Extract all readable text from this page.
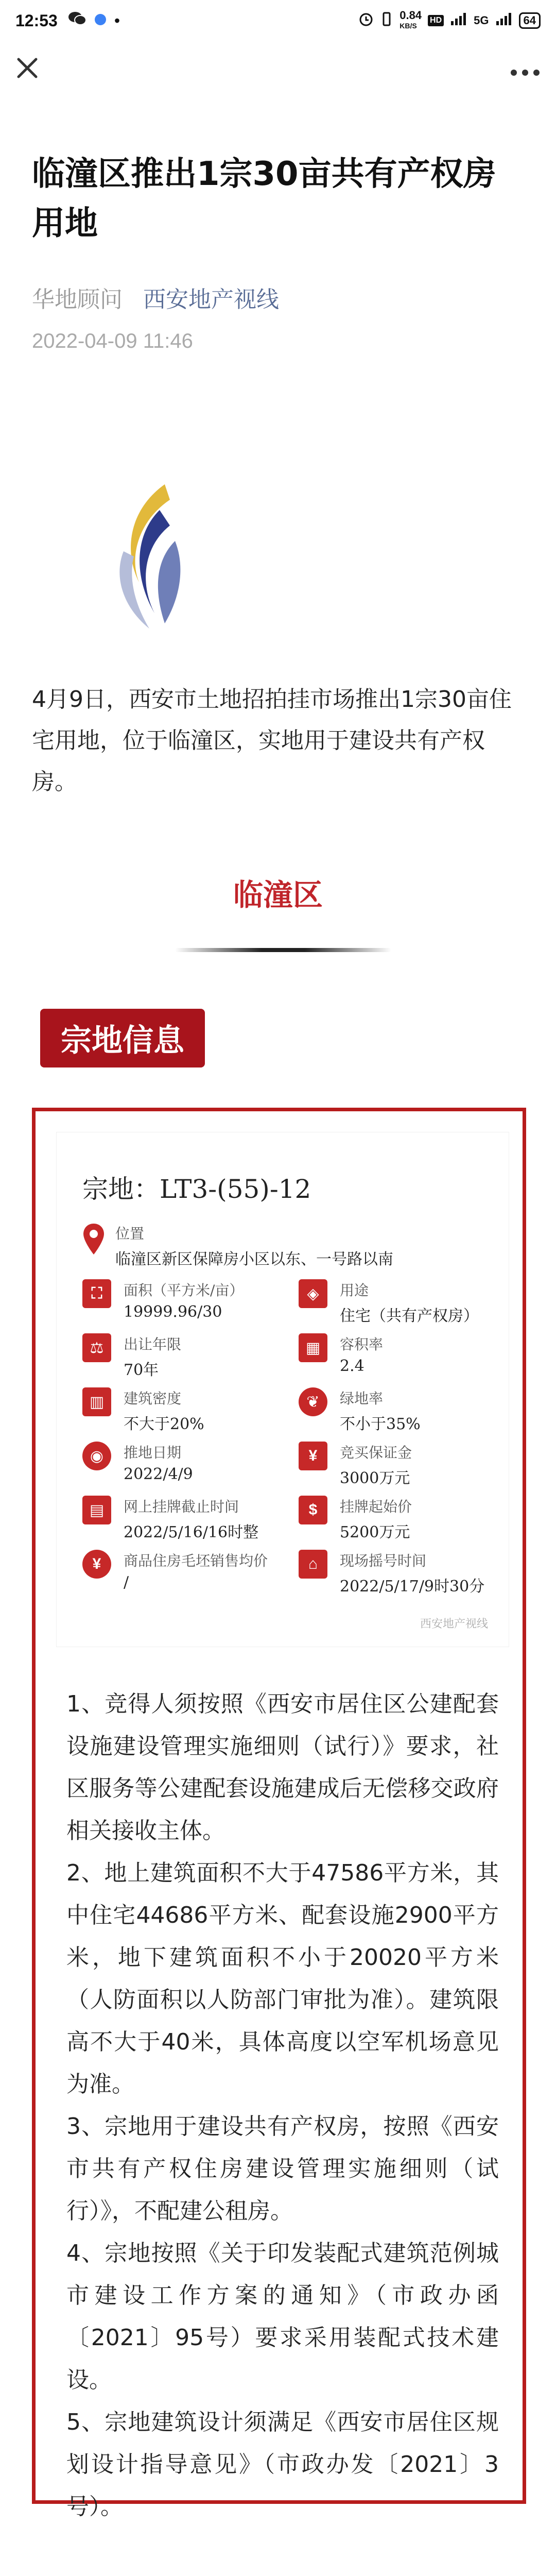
12:53	•	0.84
KB/S
HD	5G	64
临潼区推出1宗30亩共有产权房用地
华地顾问 西安地产视线
2022-04-09 11:46
4月9日，西安市土地招拍挂市场推出1宗30亩住宅用地，位于临潼区，实地用于建设共有产权房。
临潼区
宗地信息
宗地：LT3-(55)-12
位置
临潼区新区保障房小区以东、一号路以南
⛶	面积（平方米/亩）
19999.96/30
◈	用途
住宅（共有产权房）
⚖	出让年限
70年
▦	容积率
2.4
▥	建筑密度
不大于20%
❦	绿地率
不小于35%
◉	推地日期
2022/4/9
¥	竞买保证金
3000万元
▤	网上挂牌截止时间
2022/5/16/16时整
$	挂牌起始价
5200万元
¥	商品住房毛坯销售均价
/
⌂	现场摇号时间
2022/5/17/9时30分
西安地产视线

1、竞得人须按照《西安市居住区公建配套设施建设管理实施细则（试行）》要求，社区服务等公建配套设施建成后无偿移交政府相关接收主体。

2、地上建筑面积不大于47586平方米，其中住宅44686平方米、配套设施2900平方米，地下建筑面积不小于20020平方米（人防面积以人防部门审批为准）。建筑限高不大于40米，具体高度以空军机场意见为准。

3、宗地用于建设共有产权房，按照《西安市共有产权住房建设管理实施细则（试行）》，不配建公租房。

4、宗地按照《关于印发装配式建筑范例城市建设工作方案的通知》（市政办函〔2021〕95号）要求采用装配式技术建设。

5、宗地建筑设计须满足《西安市居住区规划设计指导意见》（市政办发〔2021〕3号）。
